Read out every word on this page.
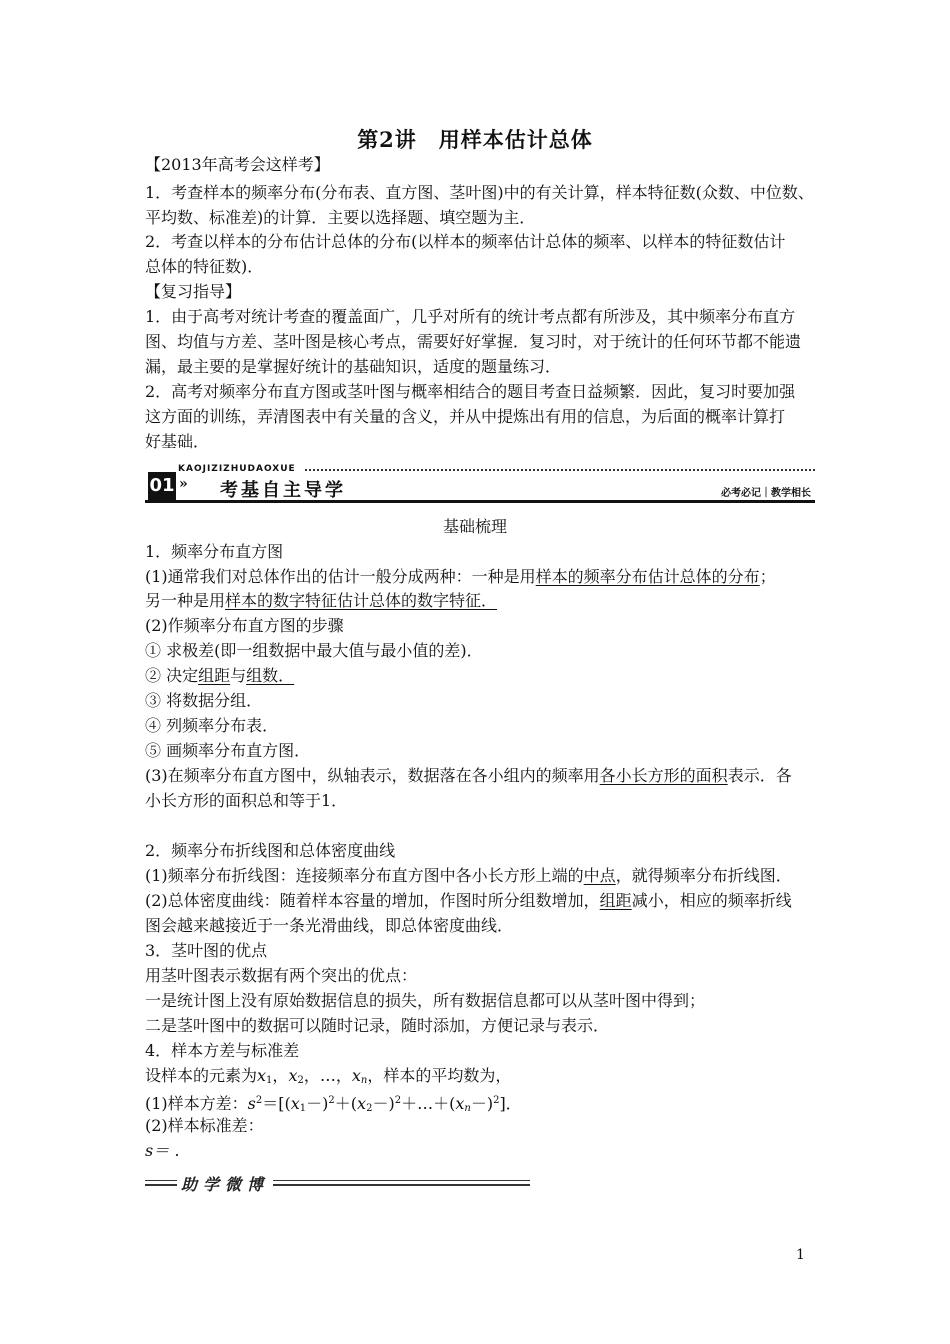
第2讲　用样本估计总体
【2013年高考会这样考】
1．考查样本的频率分布(分布表、直方图、茎叶图)中的有关计算，样本特征数(众数、中位数、
平均数、标准差)的计算．主要以选择题、填空题为主．
2．考查以样本的分布估计总体的分布(以样本的频率估计总体的频率、以样本的特征数估计
总体的特征数)．
【复习指导】
1．由于高考对统计考查的覆盖面广，几乎对所有的统计考点都有所涉及，其中频率分布直方
图、均值与方差、茎叶图是核心考点，需要好好掌握．复习时，对于统计的任何环节都不能遗
漏，最主要的是掌握好统计的基础知识，适度的题量练习．
2．高考对频率分布直方图或茎叶图与概率相结合的题目考查日益频繁．因此，复习时要加强
这方面的训练，弄清图表中有关量的含义，并从中提炼出有用的信息，为后面的概率计算打
好基础．
01
KAOJIZIZHUDAOXUE
» 考基自主导学	必考必记｜教学相长
基础梳理
1．频率分布直方图
(1)通常我们对总体作出的估计一般分成两种：一种是用样本的频率分布估计总体的分布；
另一种是用样本的数字特征估计总体的数字特征．
(2)作频率分布直方图的步骤
① 求极差(即一组数据中最大值与最小值的差)．
② 决定组距与组数．
③ 将数据分组．
④ 列频率分布表．
⑤ 画频率分布直方图．
(3)在频率分布直方图中，纵轴表示，数据落在各小组内的频率用各小长方形的面积表示．各
小长方形的面积总和等于1．
2．频率分布折线图和总体密度曲线
(1)频率分布折线图：连接频率分布直方图中各小长方形上端的中点，就得频率分布折线图．
(2)总体密度曲线：随着样本容量的增加，作图时所分组数增加，组距减小，相应的频率折线
图会越来越接近于一条光滑曲线，即总体密度曲线．
3．茎叶图的优点
用茎叶图表示数据有两个突出的优点：
一是统计图上没有原始数据信息的损失，所有数据信息都可以从茎叶图中得到；
二是茎叶图中的数据可以随时记录，随时添加，方便记录与表示．
4．样本方差与标准差
设样本的元素为$x_1$，$x_2$，…，$x_n$，样本的平均数为，
(1)样本方差：$s^2=[(x_1-)^2+(x_2-)^2+\dots+(x_n-)^2]$．
(2)样本标准差：
s＝ ．
助学微博
1
